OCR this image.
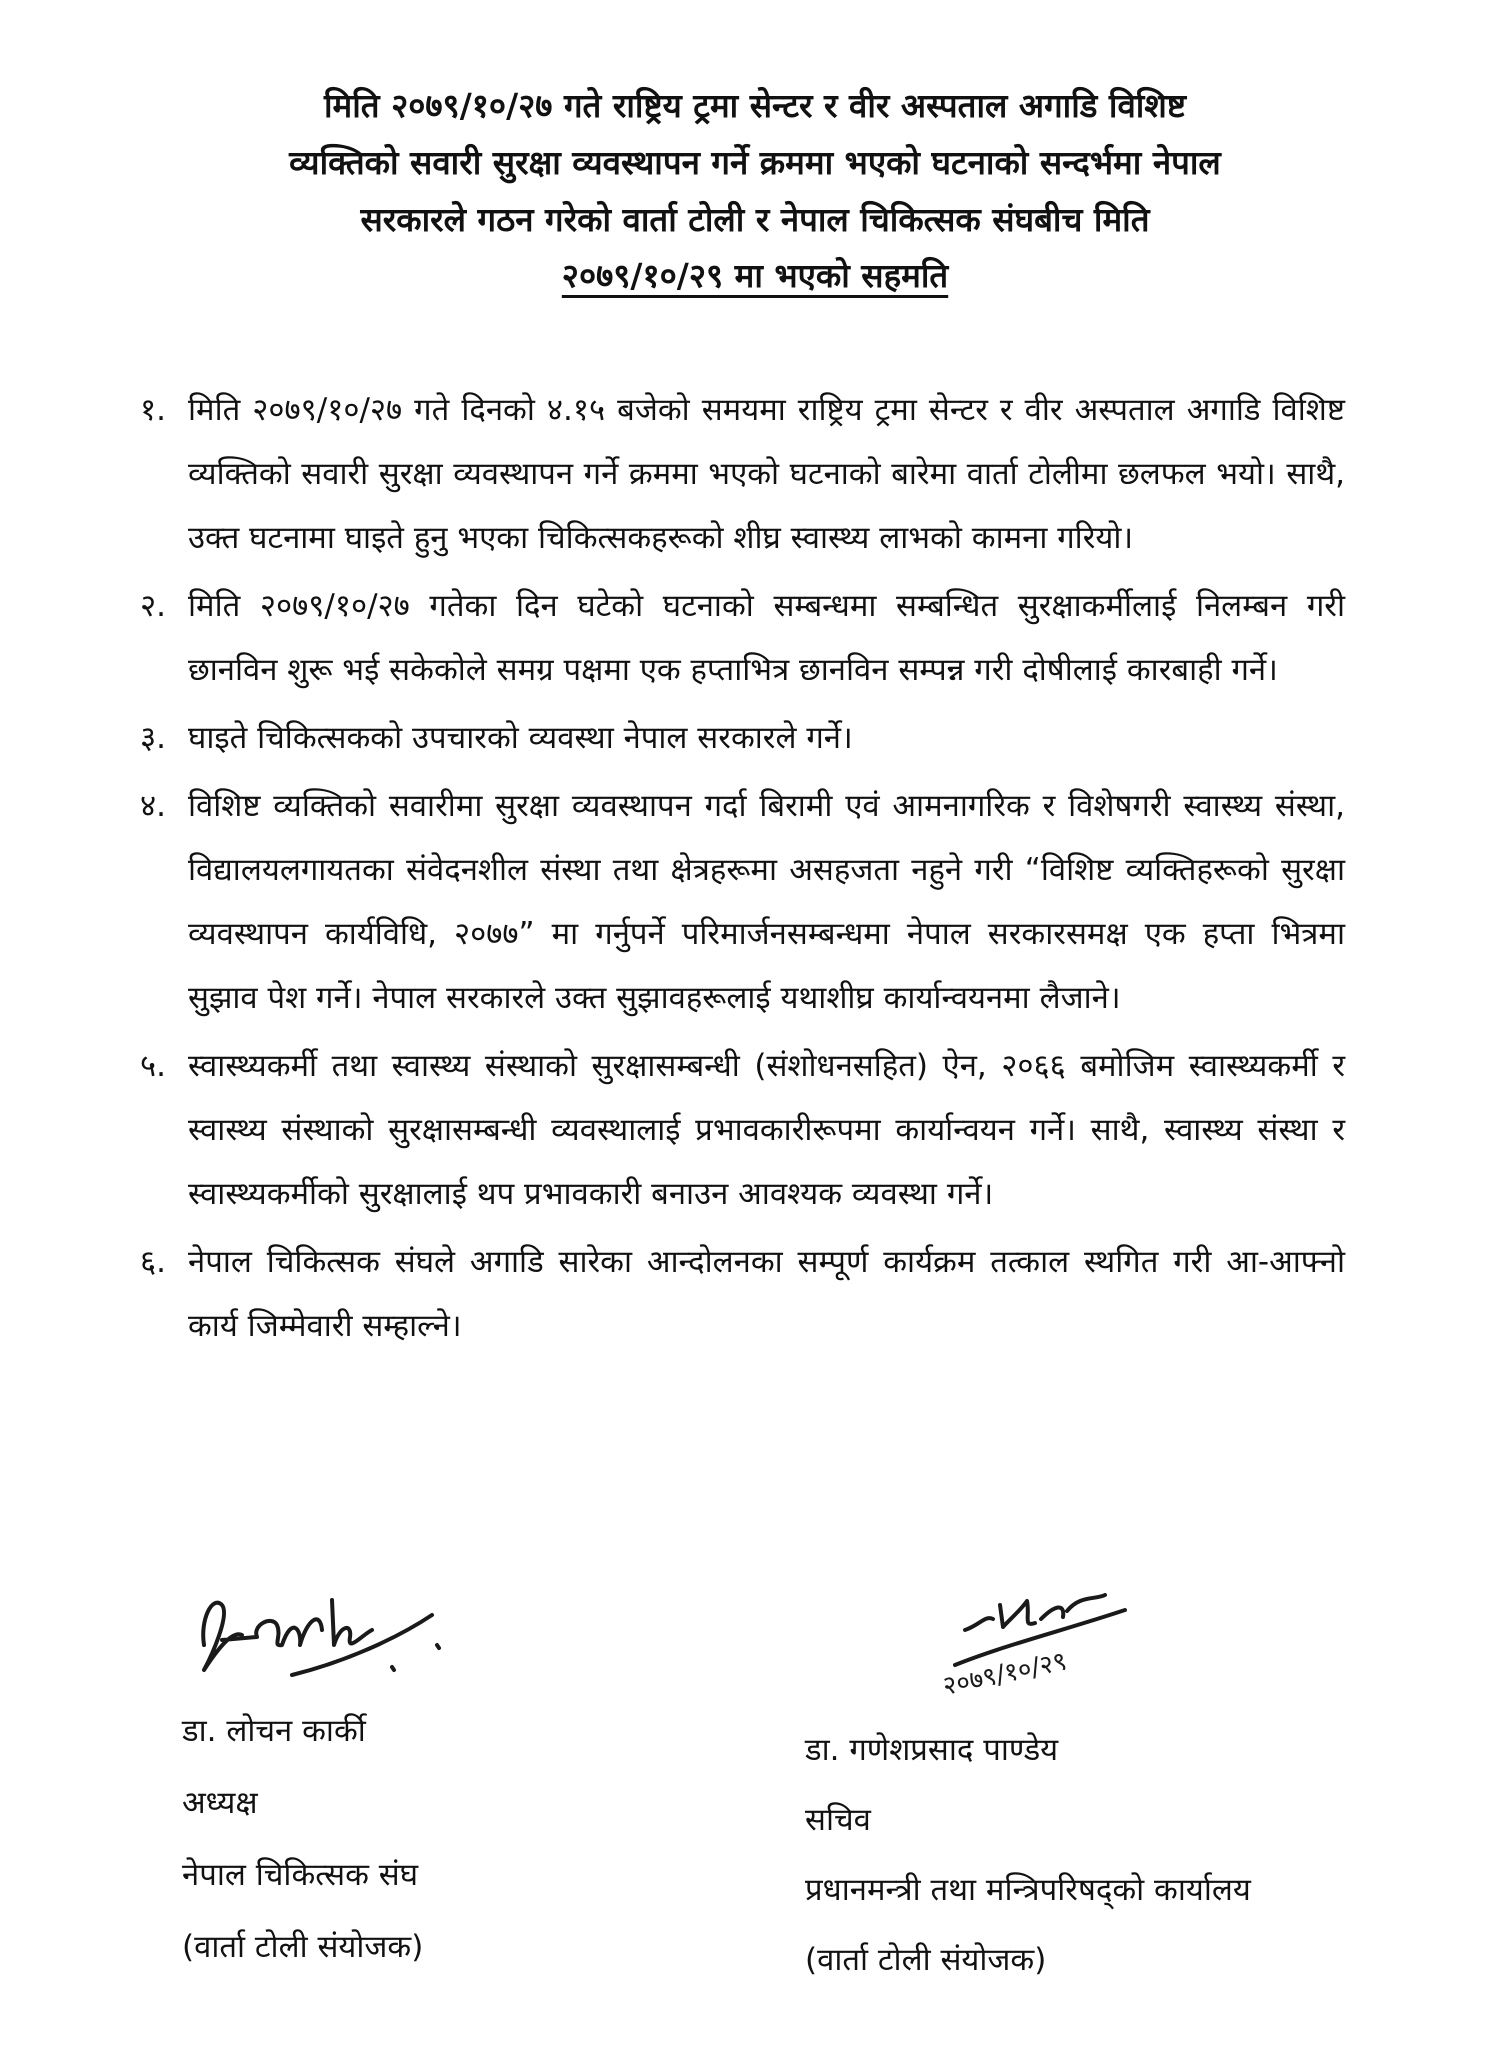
मिति २०७९/१०/२७ गते राष्ट्रिय ट्रमा सेन्टर र वीर अस्पताल अगाडि विशिष्ट
व्यक्तिको सवारी सुरक्षा व्यवस्थापन गर्ने क्रममा भएको घटनाको सन्दर्भमा नेपाल
सरकारले गठन गरेको वार्ता टोली र नेपाल चिकित्सक संघबीच मिति
२०७९/१०/२९ मा भएको सहमति
१. मिति २०७९/१०/२७ गते दिनको ४.१५ बजेको समयमा राष्ट्रिय ट्रमा सेन्टर र वीर अस्पताल अगाडि विशिष्ट व्यक्तिको सवारी सुरक्षा व्यवस्थापन गर्ने क्रममा भएको घटनाको बारेमा वार्ता टोलीमा छलफल भयो। साथै, उक्त घटनामा घाइते हुनु भएका चिकित्सकहरूको शीघ्र स्वास्थ्य लाभको कामना गरियो।
२. मिति २०७९/१०/२७ गतेका दिन घटेको घटनाको सम्बन्धमा सम्बन्धित सुरक्षाकर्मीलाई निलम्बन गरी छानविन शुरू भई सकेकोले समग्र पक्षमा एक हप्ताभित्र छानविन सम्पन्न गरी दोषीलाई कारबाही गर्ने।
३. घाइते चिकित्सकको उपचारको व्यवस्था नेपाल सरकारले गर्ने।
४. विशिष्ट व्यक्तिको सवारीमा सुरक्षा व्यवस्थापन गर्दा बिरामी एवं आमनागरिक र विशेषगरी स्वास्थ्य संस्था, विद्यालयलगायतका संवेदनशील संस्था तथा क्षेत्रहरूमा असहजता नहुने गरी “विशिष्ट व्यक्तिहरूको सुरक्षा व्यवस्थापन कार्यविधि, २०७७” मा गर्नुपर्ने परिमार्जनसम्बन्धमा नेपाल सरकारसमक्ष एक हप्ता भित्रमा सुझाव पेश गर्ने। नेपाल सरकारले उक्त सुझावहरूलाई यथाशीघ्र कार्यान्वयनमा लैजाने।
५. स्वास्थ्यकर्मी तथा स्वास्थ्य संस्थाको सुरक्षासम्बन्धी (संशोधनसहित) ऐन, २०६६ बमोजिम स्वास्थ्यकर्मी र स्वास्थ्य संस्थाको सुरक्षासम्बन्धी व्यवस्थालाई प्रभावकारीरूपमा कार्यान्वयन गर्ने। साथै, स्वास्थ्य संस्था र स्वास्थ्यकर्मीको सुरक्षालाई थप प्रभावकारी बनाउन आवश्यक व्यवस्था गर्ने।
६. नेपाल चिकित्सक संघले अगाडि सारेका आन्दोलनका सम्पूर्ण कार्यक्रम तत्काल स्थगित गरी आ-आफ्नो कार्य जिम्मेवारी सम्हाल्ने।
डा. लोचन कार्की
अध्यक्ष
नेपाल चिकित्सक संघ
(वार्ता टोली संयोजक)
२०७९/१०/२९
डा. गणेशप्रसाद पाण्डेय
सचिव
प्रधानमन्त्री तथा मन्त्रिपरिषद्को कार्यालय
(वार्ता टोली संयोजक)
